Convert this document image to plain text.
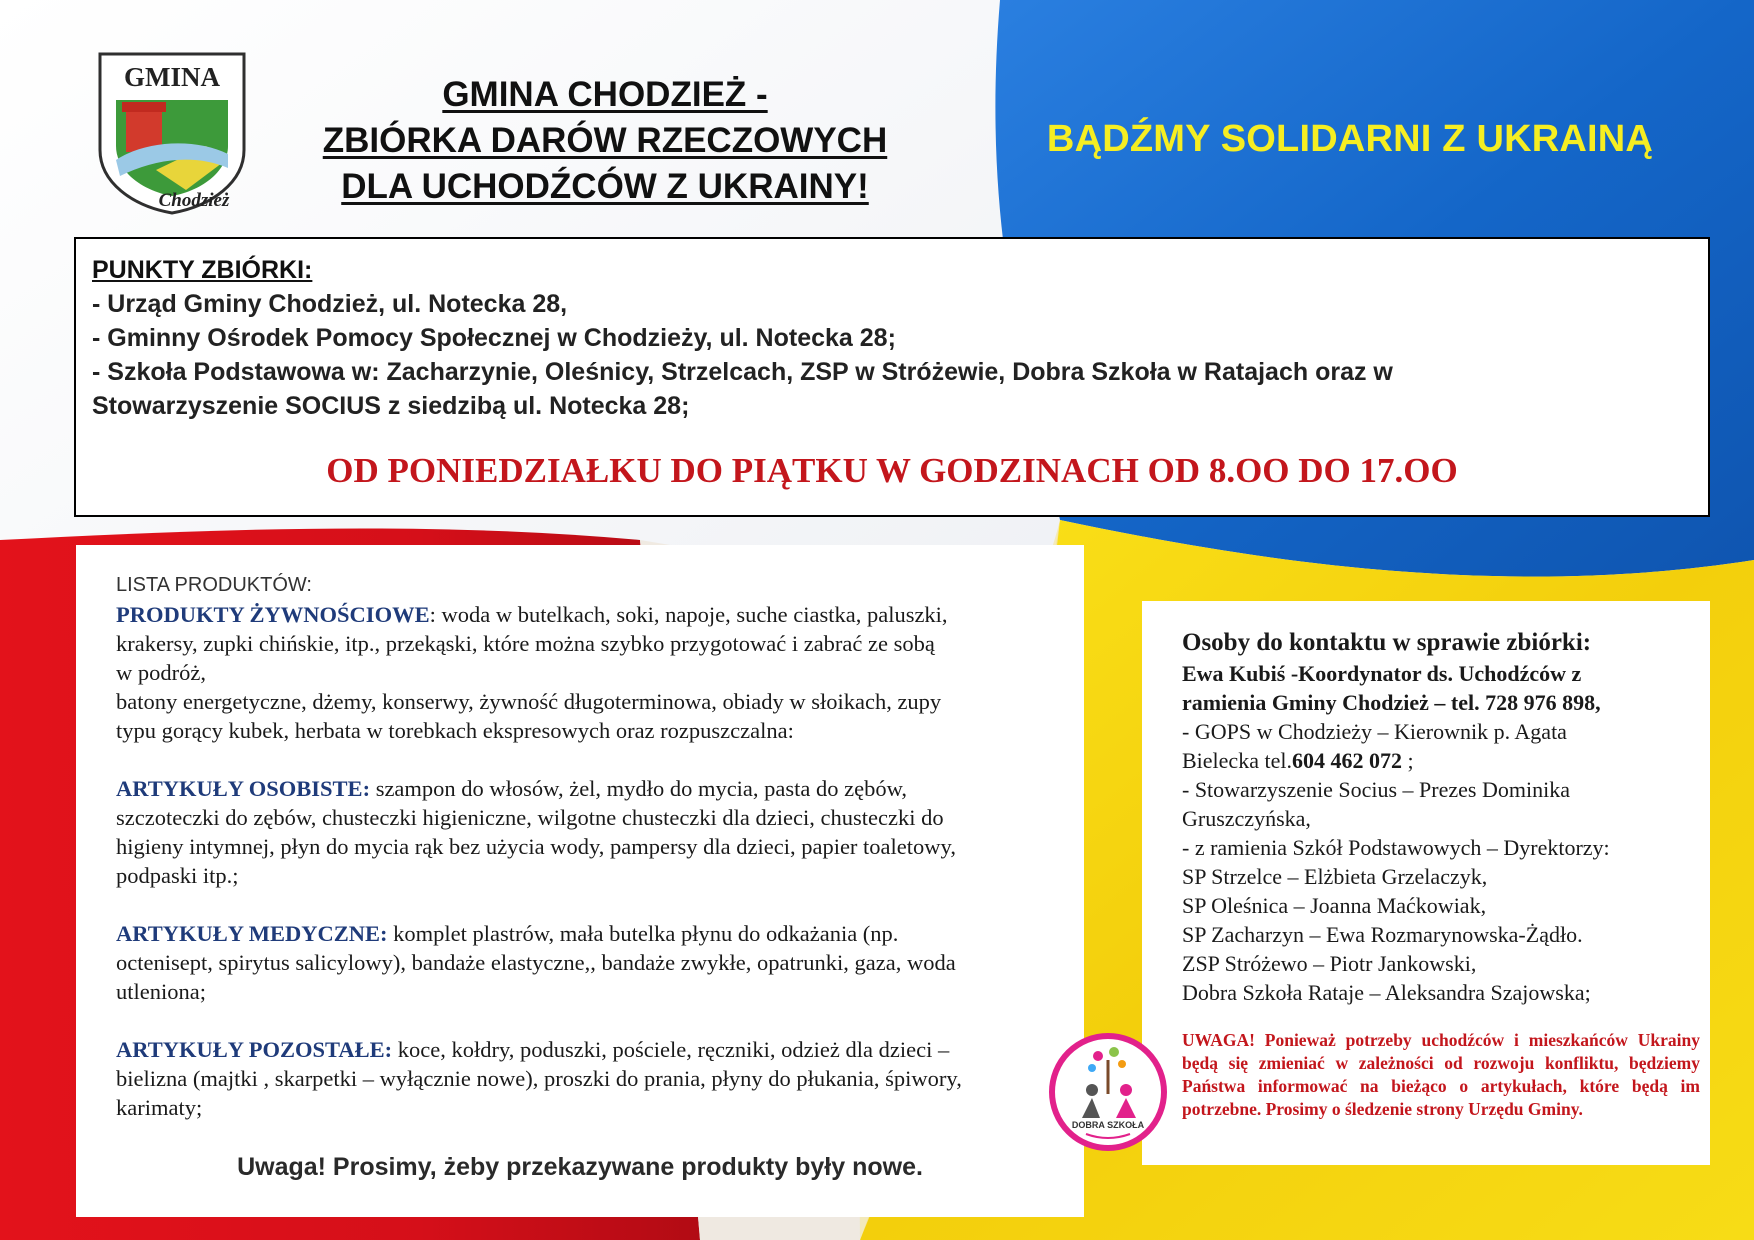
GMINA
Chodzież
GMINA CHODZIEŻ -
ZBIÓRKA DARÓW RZECZOWYCH
DLA UCHODŹCÓW Z UKRAINY!
BĄDŹMY SOLIDARNI Z UKRAINĄ
PUNKTY ZBIÓRKI:
- Urząd Gminy Chodzież, ul. Notecka 28,
- Gminny Ośrodek Pomocy Społecznej w Chodzieży, ul. Notecka 28;
- Szkoła Podstawowa w: Zacharzynie, Oleśnicy, Strzelcach, ZSP w Stróżewie, Dobra Szkoła w Ratajach oraz w
Stowarzyszenie SOCIUS z siedzibą ul. Notecka 28;
OD PONIEDZIAŁKU DO PIĄTKU W GODZINACH OD 8.OO DO 17.OO
LISTA PRODUKTÓW:

PRODUKTY ŻYWNOŚCIOWE: woda w butelkach, soki, napoje, suche ciastka, paluszki,

krakersy, zupki chińskie, itp., przekąski, które można szybko przygotować i zabrać ze sobą

w podróż,

batony energetyczne, dżemy, konserwy, żywność długoterminowa, obiady w słoikach, zupy

typu gorący kubek, herbata w torebkach ekspresowych oraz rozpuszczalna:

ARTYKUŁY OSOBISTE: szampon do włosów, żel, mydło do mycia, pasta do zębów,

szczoteczki do zębów, chusteczki higieniczne, wilgotne chusteczki dla dzieci, chusteczki do

higieny intymnej, płyn do mycia rąk bez użycia wody, pampersy dla dzieci, papier toaletowy,

podpaski itp.;

ARTYKUŁY MEDYCZNE: komplet plastrów, mała butelka płynu do odkażania (np.

octenisept, spirytus salicylowy), bandaże elastyczne,, bandaże zwykłe, opatrunki, gaza, woda

utleniona;

ARTYKUŁY POZOSTAŁE: koce, kołdry, poduszki, pościele, ręczniki, odzież dla dzieci –

bielizna (majtki , skarpetki – wyłącznie nowe), proszki do prania, płyny do płukania, śpiwory,

karimaty;

Uwaga! Prosimy, żeby przekazywane produkty były nowe.
Osoby do kontaktu w sprawie zbiórki:
Ewa Kubiś -Koordynator ds. Uchodźców z
ramienia Gminy Chodzież – tel. 728 976 898,
- GOPS w Chodzieży – Kierownik p. Agata
Bielecka tel.604 462 072 ;
- Stowarzyszenie Socius – Prezes Dominika
Gruszczyńska,
- z ramienia Szkół Podstawowych – Dyrektorzy:
SP Strzelce – Elżbieta Grzelaczyk,
SP Oleśnica – Joanna Maćkowiak,
SP Zacharzyn – Ewa Rozmarynowska-Żądło.
ZSP Stróżewo – Piotr Jankowski,
Dobra Szkoła Rataje – Aleksandra Szajowska;
UWAGA! Ponieważ potrzeby uchodźców i mieszkańców Ukrainy będą się zmieniać w zależności od rozwoju konfliktu, będziemy Państwa informować na bieżąco o artykułach, które będą im potrzebne. Prosimy o śledzenie strony Urzędu Gminy.
DOBRA SZKOŁA
